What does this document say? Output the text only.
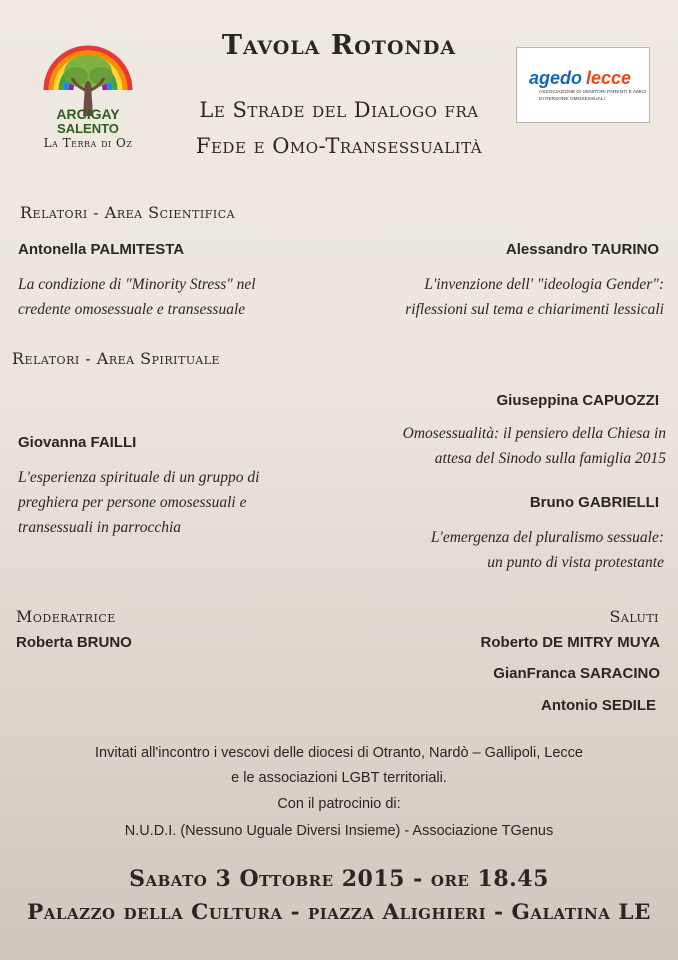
ARCIGAY
SALENTO
La Terra di Oz
agedo lecce
ASSOCIAZIONE DI GENITORI PARENTI E AMICI
DI PERSONE OMOSESSUALI
Tavola Rotonda
Le Strade del Dialogo fra
Fede e Omo-Transessualità
Relatori - Area Scientifica
Antonella PALMITESTA
La condizione di "Minority Stress" nel
credente omosessuale e transessuale
Alessandro TAURINO
L'invenzione dell' "ideologia Gender":
riflessioni sul tema e chiarimenti lessicali
Relatori - Area Spirituale
Giuseppina CAPUOZZI
Omosessualità: il pensiero della Chiesa in
attesa del Sinodo sulla famiglia 2015
Giovanna FAILLI
L'esperienza spirituale di un gruppo di
preghiera per persone omosessuali e
transessuali in parrocchia
Bruno GABRIELLI
L'emergenza del pluralismo sessuale:
un punto di vista protestante
Moderatrice
Roberta BRUNO
Saluti
Roberto DE MITRY MUYA
GianFranca SARACINO
Antonio SEDILE
Invitati all'incontro i vescovi delle diocesi di Otranto, Nardò – Gallipoli, Lecce
e le associazioni LGBT territoriali.
Con il patrocinio di:
N.U.D.I. (Nessuno Uguale Diversi Insieme) - Associazione TGenus
Sabato 3 Ottobre 2015 - ore 18.45
Palazzo della Cultura - piazza Alighieri - Galatina LE
